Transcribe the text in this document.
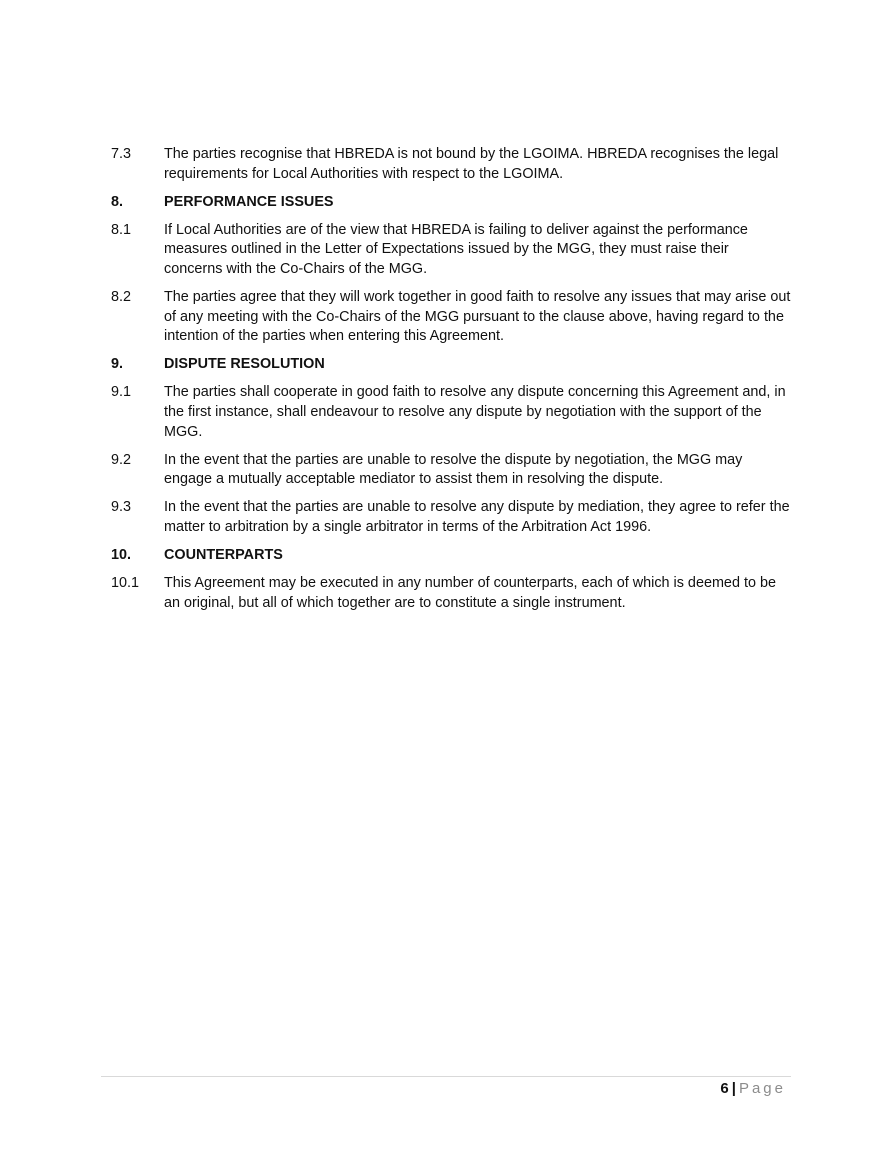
7.3	The parties recognise that HBREDA is not bound by the LGOIMA. HBREDA recognises the legal requirements for Local Authorities with respect to the LGOIMA.
8.	PERFORMANCE ISSUES
8.1	If Local Authorities are of the view that HBREDA is failing to deliver against the performance measures outlined in the Letter of Expectations issued by the MGG, they must raise their concerns with the Co-Chairs of the MGG.
8.2	The parties agree that they will work together in good faith to resolve any issues that may arise out of any meeting with the Co-Chairs of the MGG pursuant to the clause above, having regard to the intention of the parties when entering this Agreement.
9.	DISPUTE RESOLUTION
9.1	The parties shall cooperate in good faith to resolve any dispute concerning this Agreement and, in the first instance, shall endeavour to resolve any dispute by negotiation with the support of the MGG.
9.2	In the event that the parties are unable to resolve the dispute by negotiation, the MGG may engage a mutually acceptable mediator to assist them in resolving the dispute.
9.3	In the event that the parties are unable to resolve any dispute by mediation, they agree to refer the matter to arbitration by a single arbitrator in terms of the Arbitration Act 1996.
10.	COUNTERPARTS
10.1	This Agreement may be executed in any number of counterparts, each of which is deemed to be an original, but all of which together are to constitute a single instrument.
6 | Page
